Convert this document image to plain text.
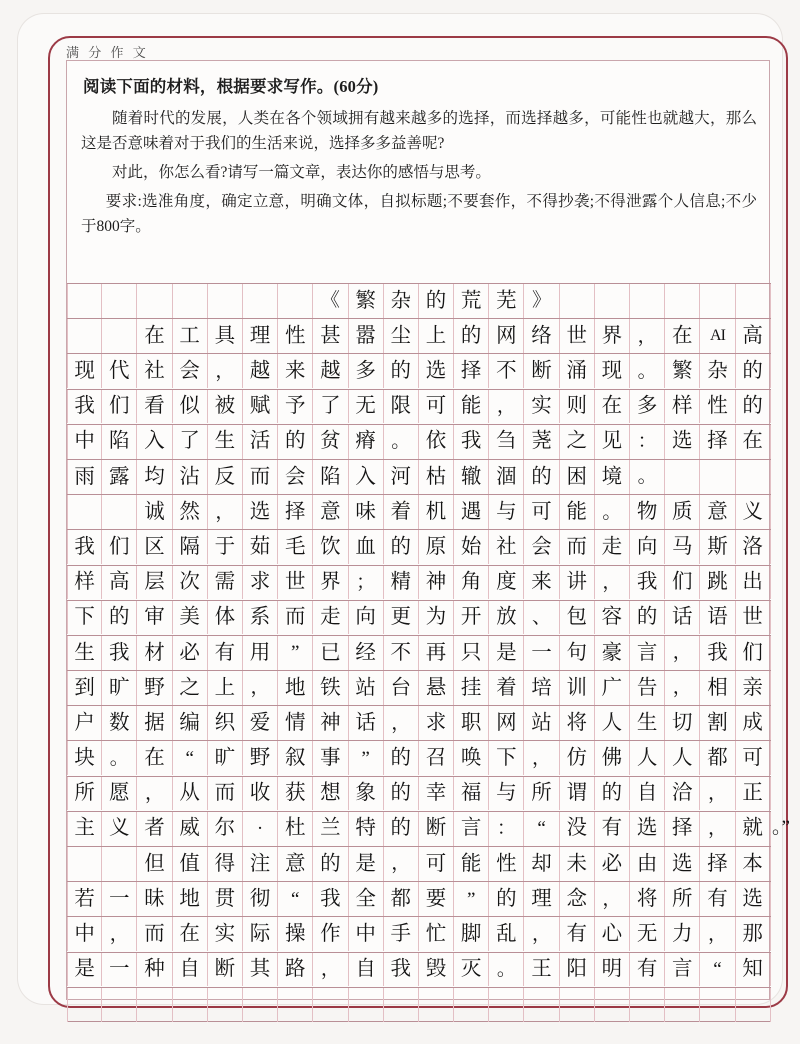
满 分 作 文
阅读下面的材料，根据要求写作。(60分)

随着时代的发展，人类在各个领域拥有越来越多的选择，而选择越多，可能性也就越大，那么这是否意味着对于我们的生活来说，选择多多益善呢?

对此，你怎么看?请写一篇文章，表达你的感悟与思考。

要求:选准角度，确定立意，明确文体，自拟标题;不要套作，不得抄袭;不得泄露个人信息;不少于800字。

《 繁 杂 的 荒 芜 》
在 工 具 理 性 甚 嚣 尘 上 的 网 络 世 界 ， 在	AI 高
现 代 社 会 ， 越 来 越 多 的 选 择 不 断 涌 现 。 繁 杂 的
我 们 看 似 被 赋 予 了 无 限 可 能 ， 实 则 在 多 样 性 的
中 陷 入 了 生 活 的 贫 瘠 。 依 我 刍 荛 之 见 ： 选 择 在
雨 露 均 沾 反 而 会 陷 入 河 枯 辙 涸 的 困 境 。
诚 然 ， 选 择 意 味 着 机 遇 与 可 能 。 物 质 意 义
我 们 区 隔 于 茹 毛 饮 血 的 原 始 社 会 而 走 向 马 斯 洛
样 高 层 次 需 求 世 界 ； 精 神 角 度 来 讲 ， 我 们 跳 出
下 的 审 美 体 系 而 走 向 更 为 开 放 、 包 容 的 话 语 世
生 我 材 必 有 用	”	已 经 不 再 只 是 一 句 豪 言 ， 我 们
到 旷 野 之 上 ， 地 铁 站 台 悬 挂 着 培 训 广 告 ， 相 亲
户 数 据 编 织 爱 情 神 话 ， 求 职 网 站 将 人 生 切 割 成
块 。 在	“	旷 野 叙 事	”	的 召 唤 下 ， 仿 佛 人 人 都 可
所 愿 ， 从 而 收 获 想 象 的 幸 福 与 所 谓 的 自 洽 ， 正
主 义 者 威 尔	·	杜 兰 特 的 断 言 ：	“	没 有 选 择 ， 就 。”
但 值 得 注 意 的 是 ， 可 能 性 却 未 必 由 选 择 本
若 一 昧 地 贯 彻	“	我 全 都 要	”	的 理 念 ， 将 所 有 选
中 ， 而 在 实 际 操 作 中 手 忙 脚 乱 ， 有 心 无 力 ， 那
是 一 种 自 断 其 路 ， 自 我 毁 灭 。 王 阳 明 有 言	“	知
